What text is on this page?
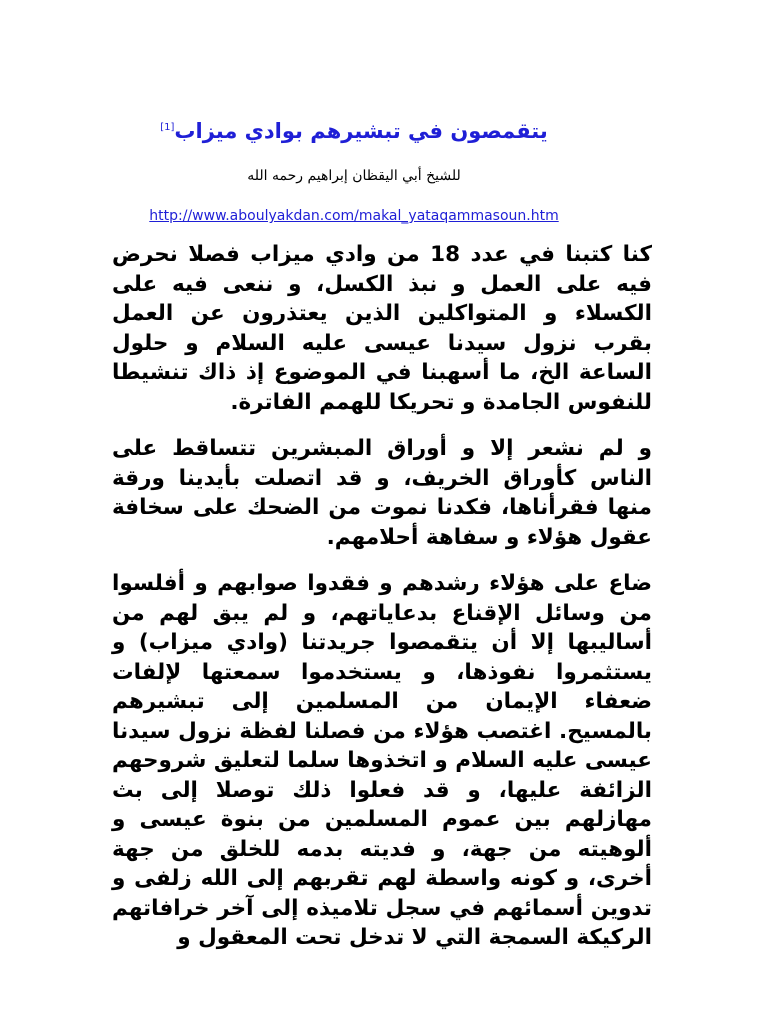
يتقمصون في تبشيرهم بوادي ميزاب[1]
للشيخ أبي اليقظان إبراهيم رحمه الله
http://www.aboulyakdan.com/makal_yataqammasoun.htm

كنا كتبنا في عدد 18 من وادي ميزاب فصلا نحرض فيه على العمل و نبذ الكسل، و ننعى فيه على الكسلاء و المتواكلين الذين يعتذرون عن العمل بقرب نزول سيدنا عيسى عليه السلام و حلول الساعة الخ، ما أسهبنا في الموضوع إذ ذاك تنشيطا للنفوس الجامدة و تحريكا للهمم الفاترة.

و لم نشعر إلا و أوراق المبشرين تتساقط على الناس كأوراق الخريف، و قد اتصلت بأيدينا ورقة منها فقرأناها، فكدنا نموت من الضحك على سخافة عقول هؤلاء و سفاهة أحلامهم.

ضاع على هؤلاء رشدهم و فقدوا صوابهم و أفلسوا من وسائل الإقناع بدعاياتهم، و لم يبق لهم من أساليبها إلا أن يتقمصوا جريدتنا (وادي ميزاب) و يستثمروا نفوذها، و يستخدموا سمعتها لإلفات ضعفاء الإيمان من المسلمين إلى تبشيرهم بالمسيح. اغتصب هؤلاء من فصلنا لفظة نزول سيدنا عيسى عليه السلام و اتخذوها سلما لتعليق شروحهم الزائفة عليها، و قد فعلوا ذلك توصلا إلى بث مهازلهم بين عموم المسلمين من بنوة عيسى و ألوهيته من جهة، و فديته بدمه للخلق من جهة أخرى، و كونه واسطة لهم تقربهم إلى الله زلفى و تدوين أسمائهم في سجل تلاميذه إلى آخر خرافاتهم الركيكة السمجة التي لا تدخل تحت المعقول و
